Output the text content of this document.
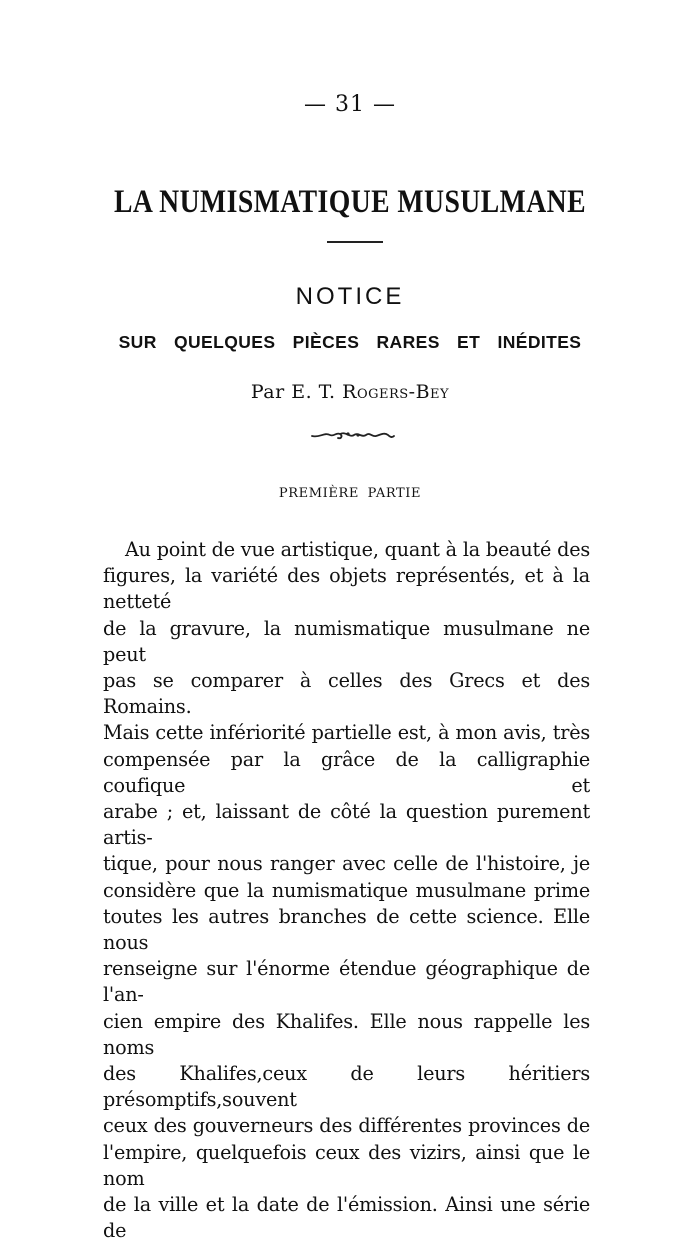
— 31 —
LA NUMISMATIQUE MUSULMANE
NOTICE
SUR QUELQUES PIÈCES RARES ET INÉDITES
Par E. T. Rogers-Bey
PREMIÈRE PARTIE
Au point de vue artistique, quant à la beauté des
figures, la variété des objets représentés, et à la netteté
de la gravure, la numismatique musulmane ne peut
pas se comparer à celles des Grecs et des Romains.
Mais cette infériorité partielle est, à mon avis, très
compensée par la grâce de la calligraphie coufique et
arabe ; et, laissant de côté la question purement artis-
tique, pour nous ranger avec celle de l'histoire, je
considère que la numismatique musulmane prime
toutes les autres branches de cette science. Elle nous
renseigne sur l'énorme étendue géographique de l'an-
cien empire des Khalifes. Elle nous rappelle les noms
des Khalifes,ceux de leurs héritiers présomptifs,souvent
ceux des gouverneurs des différentes provinces de
l'empire, quelquefois ceux des vizirs, ainsi que le nom
de la ville et la date de l'émission. Ainsi une série de
